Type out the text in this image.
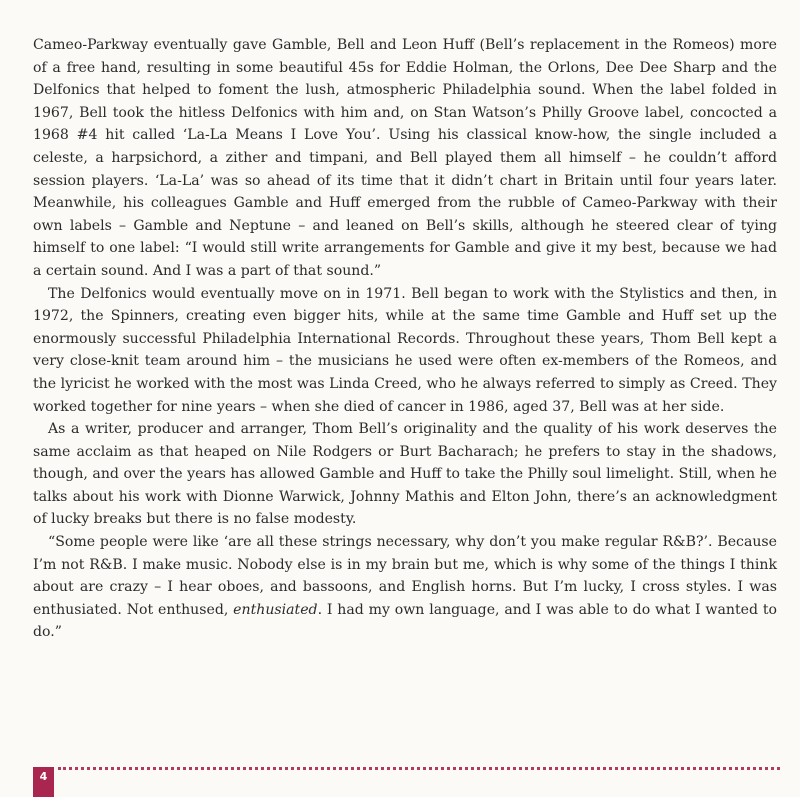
Cameo-Parkway eventually gave Gamble, Bell and Leon Huff (Bell’s replacement in the Romeos) more of a free hand, resulting in some beautiful 45s for Eddie Holman, the Orlons, Dee Dee Sharp and the Delfonics that helped to foment the lush, atmospheric Philadelphia sound. When the label folded in 1967, Bell took the hitless Delfonics with him and, on Stan Watson’s Philly Groove label, concocted a 1968 #4 hit called ‘La-La Means I Love You’. Using his classical know-how, the single included a celeste, a harpsichord, a zither and timpani, and Bell played them all himself – he couldn’t afford session players. ‘La-La’ was so ahead of its time that it didn’t chart in Britain until four years later. Meanwhile, his colleagues Gamble and Huff emerged from the rubble of Cameo-Parkway with their own labels – Gamble and Neptune – and leaned on Bell’s skills, although he steered clear of tying himself to one label: “I would still write arrangements for Gamble and give it my best, because we had a certain sound. And I was a part of that sound.”

The Delfonics would eventually move on in 1971. Bell began to work with the Stylistics and then, in 1972, the Spinners, creating even bigger hits, while at the same time Gamble and Huff set up the enormously successful Philadelphia International Records. Throughout these years, Thom Bell kept a very close-knit team around him – the musicians he used were often ex-members of the Romeos, and the lyricist he worked with the most was Linda Creed, who he always referred to simply as Creed. They worked together for nine years – when she died of cancer in 1986, aged 37, Bell was at her side.

As a writer, producer and arranger, Thom Bell’s originality and the quality of his work deserves the same acclaim as that heaped on Nile Rodgers or Burt Bacharach; he prefers to stay in the shadows, though, and over the years has allowed Gamble and Huff to take the Philly soul limelight. Still, when he talks about his work with Dionne Warwick, Johnny Mathis and Elton John, there’s an acknowledgment of lucky breaks but there is no false modesty.

“Some people were like ‘are all these strings necessary, why don’t you make regular R&B?’. Because I’m not R&B. I make music. Nobody else is in my brain but me, which is why some of the things I think about are crazy – I hear oboes, and bassoons, and English horns. But I’m lucky, I cross styles. I was enthusiated. Not enthused, enthusiated. I had my own language, and I was able to do what I wanted to do.”

4
